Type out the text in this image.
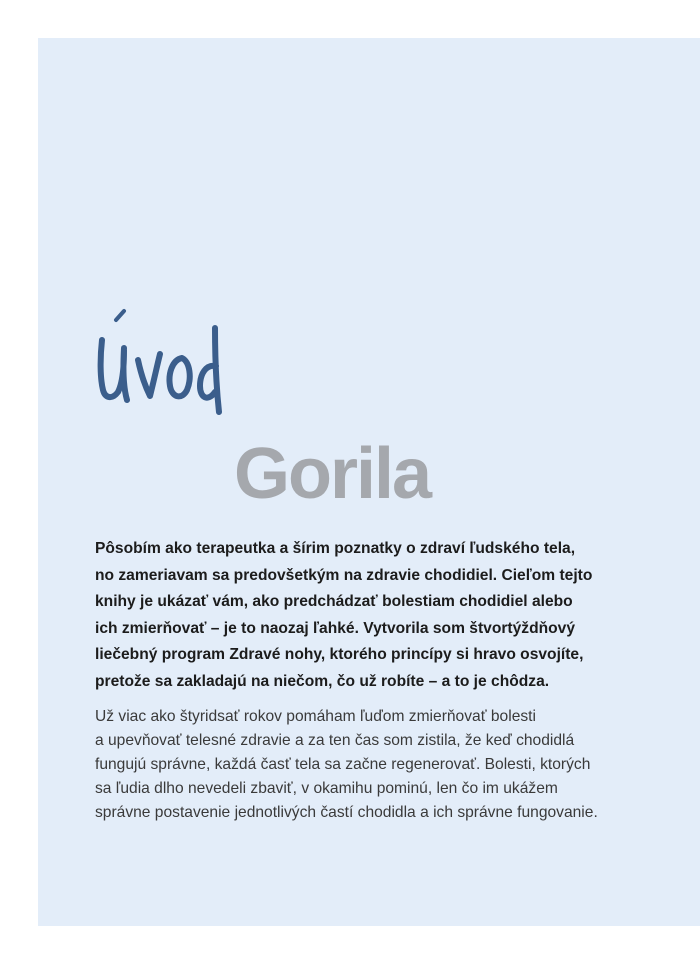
Gorila

Pôsobím ako terapeutka a šírim poznatky o zdraví ľudského tela,
no zameriavam sa predovšetkým na zdravie chodidiel. Cieľom tejto
knihy je ukázať vám, ako predchádzať bolestiam chodidiel alebo
ich zmierňovať – je to naozaj ľahké. Vytvorila som štvortýždňový
liečebný program Zdravé nohy, ktorého princípy si hravo osvojíte,
pretože sa zakladajú na niečom, čo už robíte – a to je chôdza.

Už viac ako štyridsať rokov pomáham ľuďom zmierňovať bolesti
a upevňovať telesné zdravie a za ten čas som zistila, že keď chodidlá
fungujú správne, každá časť tela sa začne regenerovať. Bolesti, ktorých
sa ľudia dlho nevedeli zbaviť, v okamihu pominú, len čo im ukážem
správne postavenie jednotlivých častí chodidla a ich správne fungovanie.
